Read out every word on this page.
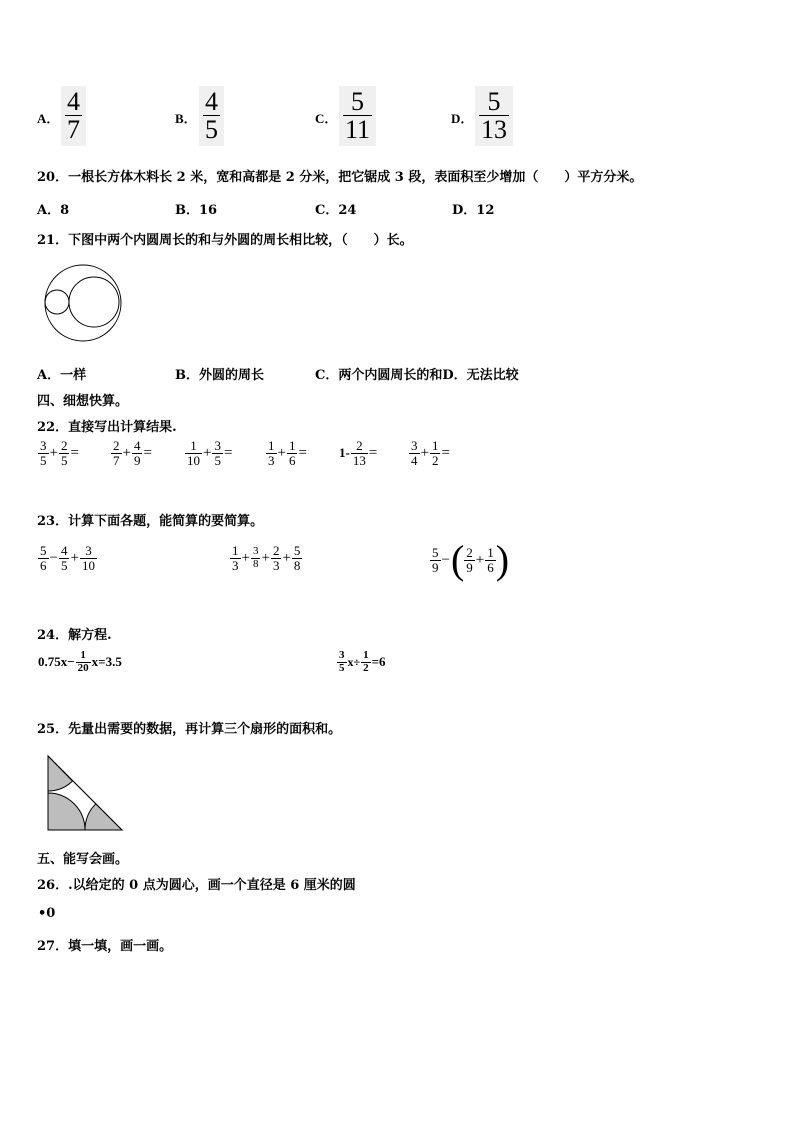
A． $\frac{4}{7}$	B． $\frac{4}{5}$	C． $\frac{5}{11}$	D． $\frac{5}{13}$
20．一根长方体木料长 2 米，宽和高都是 2 分米，把它锯成 3 段，表面积至少增加（　　）平方分米。
A．8	B．16	C．24	D．12
21．下图中两个内圆周长的和与外圆的周长相比较，（　　）长。
A．一样	B．外圆的周长	C．两个内圆周长的和D．无法比较
四、细想快算。
22．直接写出计算结果.
$\frac{3}{5} + \frac{2}{5} = \frac{2}{7} + \frac{4}{9}$ =	$\frac{1}{10} + \frac{3}{5}$ =	$\frac{1}{3} + \frac{1}{6} = 1- \frac{2}{13} = \frac{3}{4} + \frac{1}{2}$ =
23．计算下面各题，能简算的要简算。
$\frac{5}{6} - \frac{4}{5} + \frac{3}{10}$	$\frac{1}{3} + \frac{3}{8} + \frac{2}{3} + \frac{5}{8}$	$\frac{5}{9}$ −( $\frac{2}{9} + \frac{1}{6}$ )
24．解方程.
$0.75x- \frac{1}{20} x=3.5$	$\frac{3}{5} x\div \frac{1}{2} =6$
25．先量出需要的数据，再计算三个扇形的面积和。
五、能写会画。
26．.以给定的 0 点为圆心，画一个直径是 6 厘米的圆
•0
27．填一填，画一画。
